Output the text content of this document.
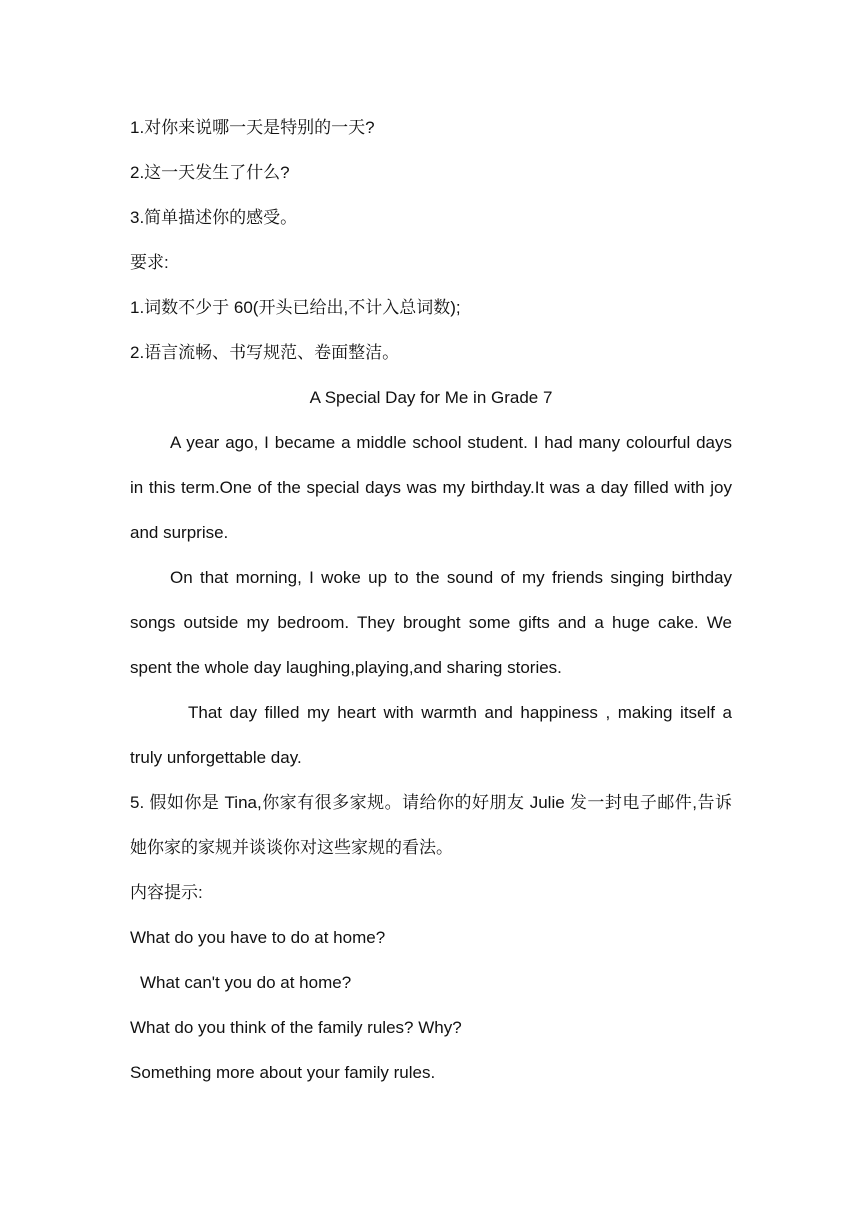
1.对你来说哪一天是特别的一天?

2.这一天发生了什么?

3.简单描述你的感受。

要求:

1.词数不少于 60(开头已给出,不计入总词数);

2.语言流畅、书写规范、卷面整洁。

A Special Day for Me in Grade 7

A year ago, I became a middle school student. I had many colourful days in this term.One of the special days was my birthday.It was a day filled with joy and surprise.

On that morning, I woke up to the sound of my friends singing birthday songs outside my bedroom. They brought some gifts and a huge cake. We spent the whole day laughing,playing,and sharing stories.

That day filled my heart with warmth and happiness , making itself a truly unforgettable day.

5. 假如你是 Tina,你家有很多家规。请给你的好朋友 Julie 发一封电子邮件,告诉她你家的家规并谈谈你对这些家规的看法。

内容提示:

What do you have to do at home?

What can't you do at home?

What do you think of the family rules? Why?

Something more about your family rules.
